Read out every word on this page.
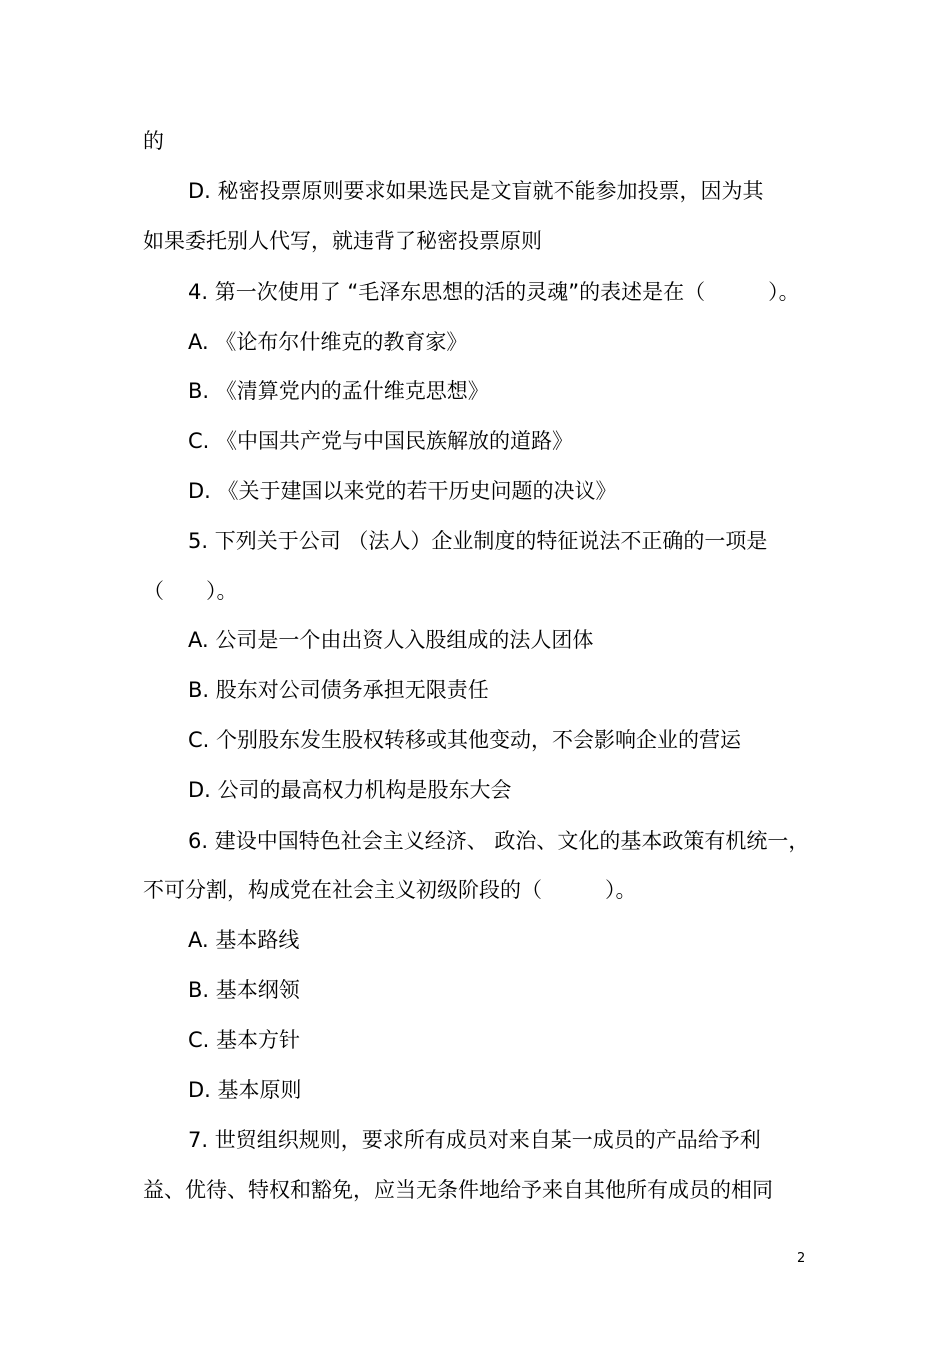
的

D. 秘密投票原则要求如果选民是文盲就不能参加投票，因为其

如果委托别人代写，就违背了秘密投票原则

4. 第一次使用了 “毛泽东思想的活的灵魂”的表述是在（　　　）。

A. 《论布尔什维克的教育家》

B. 《清算党内的孟什维克思想》

C. 《中国共产党与中国民族解放的道路》

D. 《关于建国以来党的若干历史问题的决议》

5. 下列关于公司 （法人）企业制度的特征说法不正确的一项是

（　　）。

A. 公司是一个由出资人入股组成的法人团体

B. 股东对公司债务承担无限责任

C. 个别股东发生股权转移或其他变动，不会影响企业的营运

D. 公司的最高权力机构是股东大会

6. 建设中国特色社会主义经济、 政治、文化的基本政策有机统一，

不可分割，构成党在社会主义初级阶段的（　　　）。

A. 基本路线

B. 基本纲领

C. 基本方针

D. 基本原则

7. 世贸组织规则，要求所有成员对来自某一成员的产品给予利

益、优待、特权和豁免，应当无条件地给予来自其他所有成员的相同

2
